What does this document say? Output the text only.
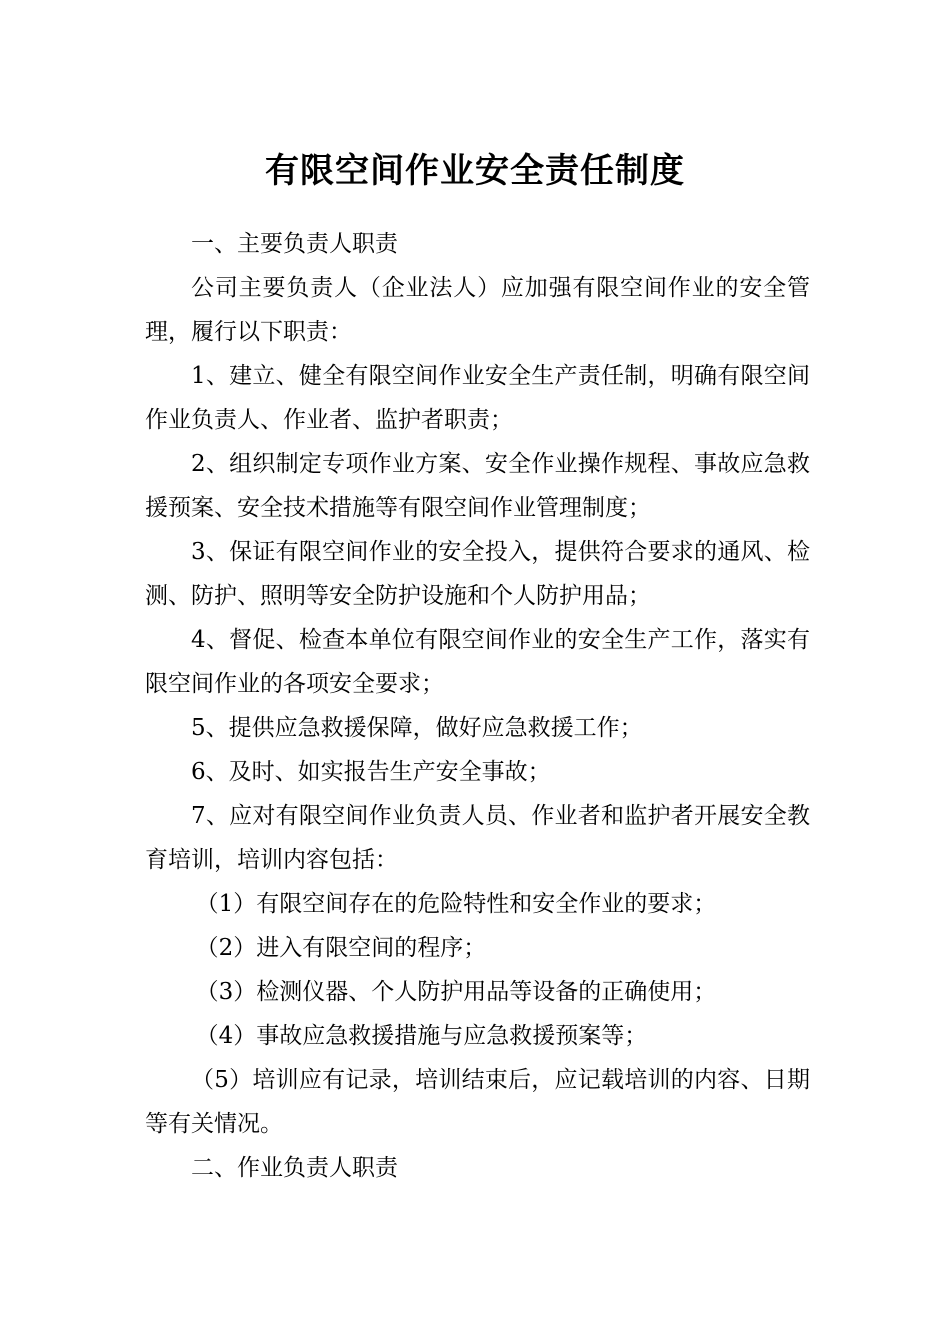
有限空间作业安全责任制度

一、主要负责人职责

公司主要负责人（企业法人）应加强有限空间作业的安全管理，履行以下职责：

1、建立、健全有限空间作业安全生产责任制，明确有限空间作业负责人、作业者、监护者职责；

2、组织制定专项作业方案、安全作业操作规程、事故应急救援预案、安全技术措施等有限空间作业管理制度；

3、保证有限空间作业的安全投入，提供符合要求的通风、检测、防护、照明等安全防护设施和个人防护用品；

4、督促、检查本单位有限空间作业的安全生产工作，落实有限空间作业的各项安全要求；

5、提供应急救援保障，做好应急救援工作；

6、及时、如实报告生产安全事故；

7、应对有限空间作业负责人员、作业者和监护者开展安全教育培训，培训内容包括：

（1）有限空间存在的危险特性和安全作业的要求；

（2）进入有限空间的程序；

（3）检测仪器、个人防护用品等设备的正确使用；

（4）事故应急救援措施与应急救援预案等；

（5）培训应有记录，培训结束后，应记载培训的内容、日期等有关情况。

二、作业负责人职责
